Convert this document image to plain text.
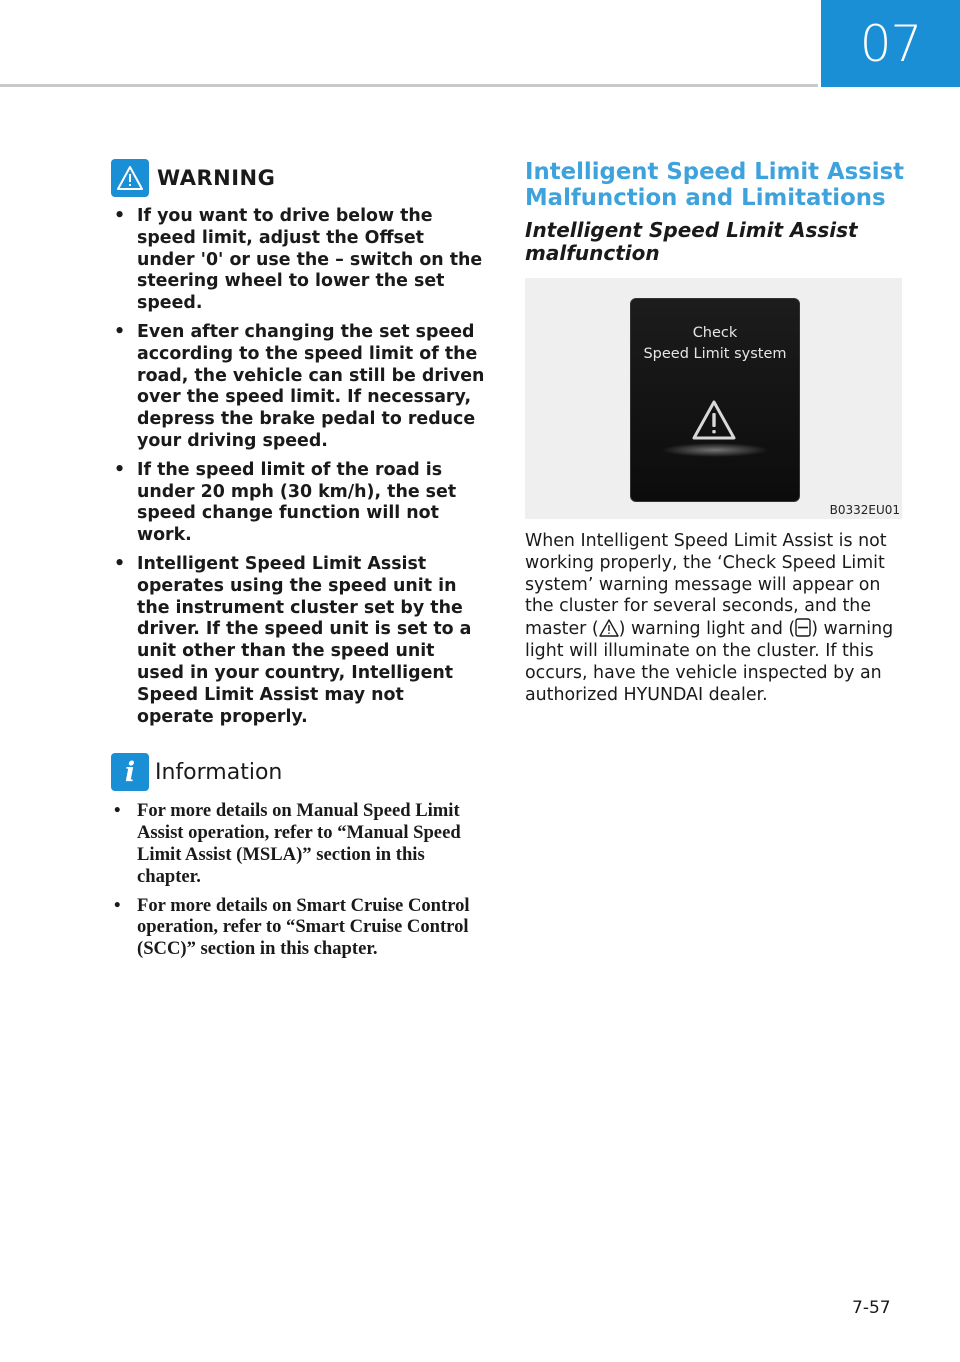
07
WARNING
• If you want to drive below the speed limit, adjust the Offset under '0' or use the – switch on the steering wheel to lower the set speed.
• Even after changing the set speed according to the speed limit of the road, the vehicle can still be driven over the speed limit. If necessary, depress the brake pedal to reduce your driving speed.
• If the speed limit of the road is under 20 mph (30 km/h), the set speed change function will not work.
• Intelligent Speed Limit Assist operates using the speed unit in the instrument cluster set by the driver. If the speed unit is set to a unit other than the speed unit used in your country, Intelligent Speed Limit Assist may not operate properly.
i Information
• For more details on Manual Speed Limit Assist operation, refer to “Manual Speed Limit Assist (MSLA)” section in this chapter.
• For more details on Smart Cruise Control operation, refer to “Smart Cruise Control (SCC)” section in this chapter.
Intelligent Speed Limit Assist Malfunction and Limitations
Intelligent Speed Limit Assist malfunction
Check
Speed Limit system
B0332EU01

When Intelligent Speed Limit Assist is not working properly, the ‘Check Speed Limit system’ warning message will appear on the cluster for several seconds, and the master ( ) warning light and ( ) warning light will illuminate on the cluster. If this occurs, have the vehicle inspected by an authorized HYUNDAI dealer.

7-57
